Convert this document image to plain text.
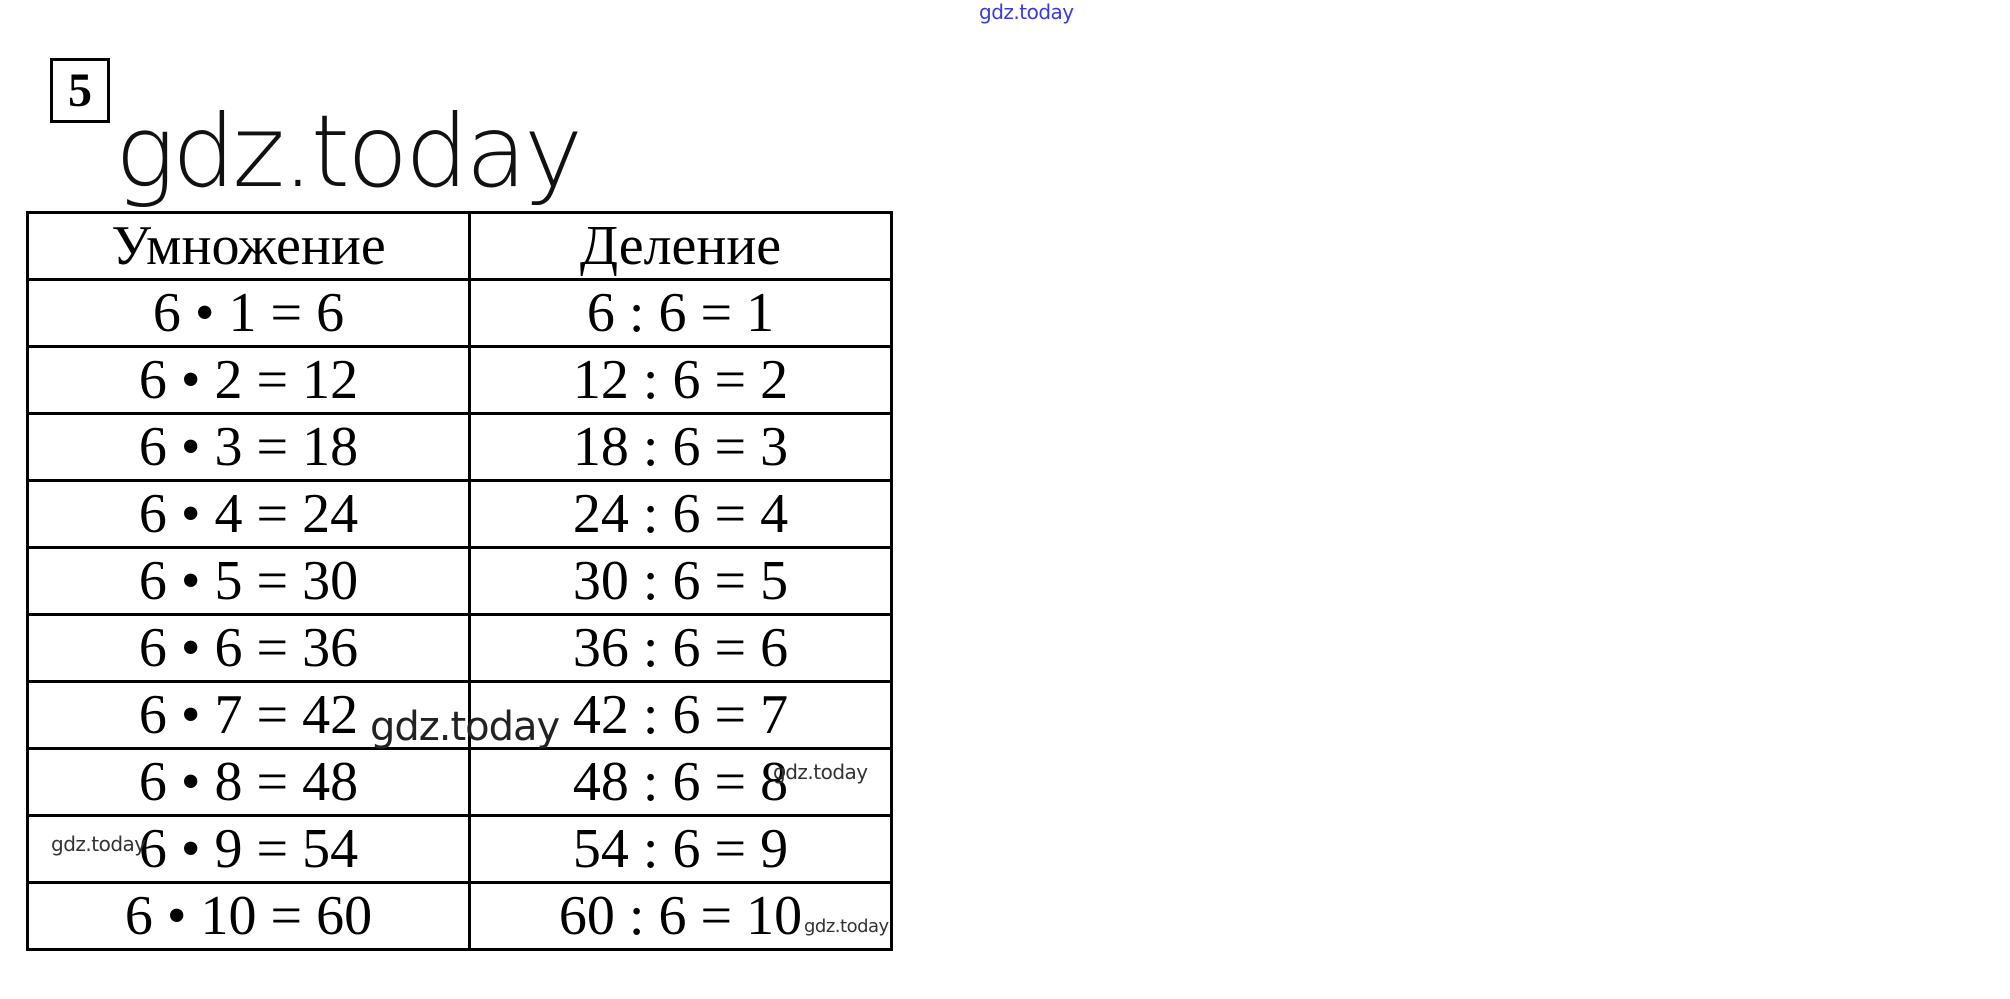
gdz.today
5
gdz.today
Умножение	Деление
6 • 1 = 6	6 : 6 = 1
6 • 2 = 12	12 : 6 = 2
6 • 3 = 18	18 : 6 = 3
6 • 4 = 24	24 : 6 = 4
6 • 5 = 30	30 : 6 = 5
6 • 6 = 36	36 : 6 = 6
6 • 7 = 42	42 : 6 = 7
6 • 8 = 48	48 : 6 = 8
6 • 9 = 54	54 : 6 = 9
6 • 10 = 60	60 : 6 = 10
gdz.today
gdz.today
gdz.today
gdz.today
